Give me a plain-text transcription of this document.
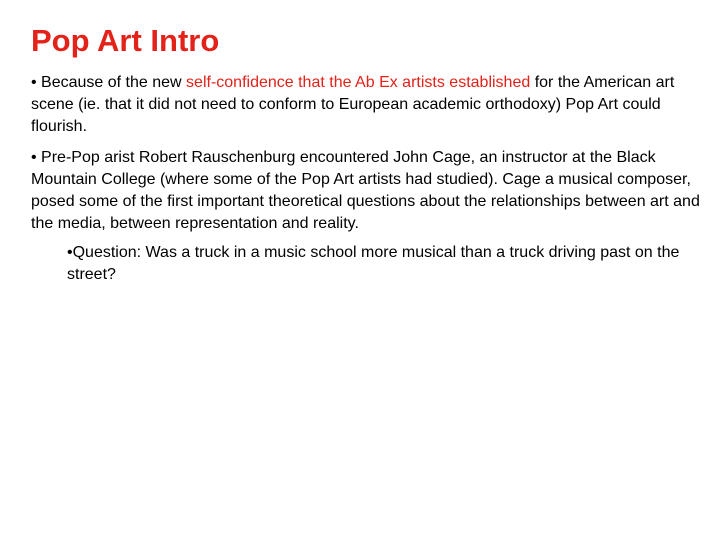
Pop Art Intro

• Because of the new self-confidence that the Ab Ex artists established for the American art scene (ie. that it did not need to conform to European academic orthodoxy) Pop Art could flourish.

• Pre-Pop arist Robert Rauschenburg encountered John Cage, an instructor at the Black Mountain College (where some of the Pop Art artists had studied). Cage a musical composer, posed some of the first important theoretical questions about the relationships between art and the media, between representation and reality.

•Question: Was a truck in a music school more musical than a truck driving past on the street?
